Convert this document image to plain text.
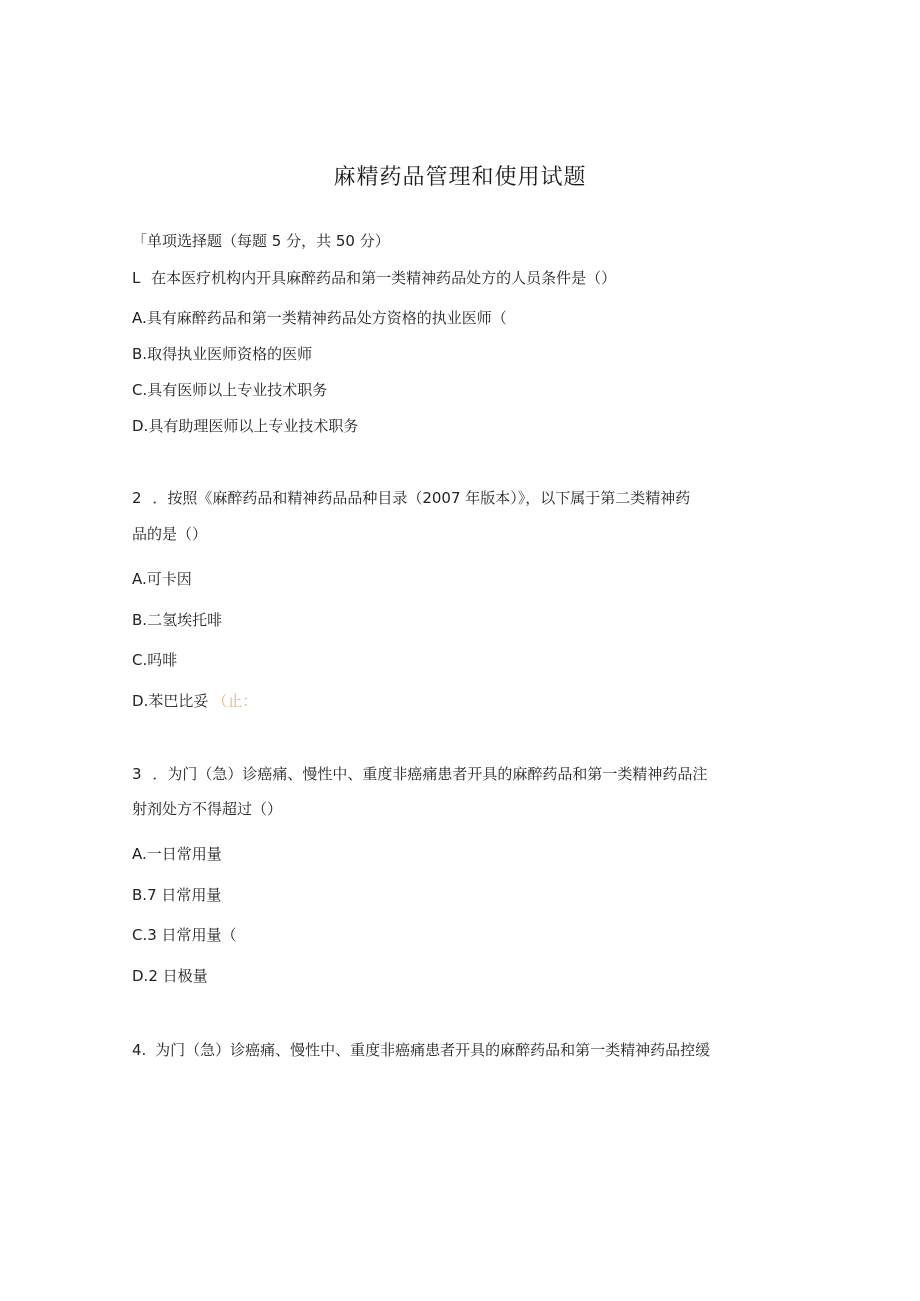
麻精药品管理和使用试题
「单项选择题（每题 5 分，共 50 分）
L 在本医疗机构内开具麻醉药品和第一类精神药品处方的人员条件是（）
A.具有麻醉药品和第一类精神药品处方资格的执业医师（
B.取得执业医师资格的医师
C.具有医师以上专业技术职务
D.具有助理医师以上专业技术职务
2 ．按照《麻醉药品和精神药品品种目录（2007 年版本）》，以下属于第二类精神药
品的是（）
A.可卡因
B.二氢埃托啡
C.吗啡
D.苯巴比妥 （止：
3 ．为门（急）诊癌痛、慢性中、重度非癌痛患者开具的麻醉药品和第一类精神药品注
射剂处方不得超过（）
A.一日常用量
B.7 日常用量
C.3 日常用量（
D.2 日极量
4. 为门（急）诊癌痛、慢性中、重度非癌痛患者开具的麻醉药品和第一类精神药品控缓
